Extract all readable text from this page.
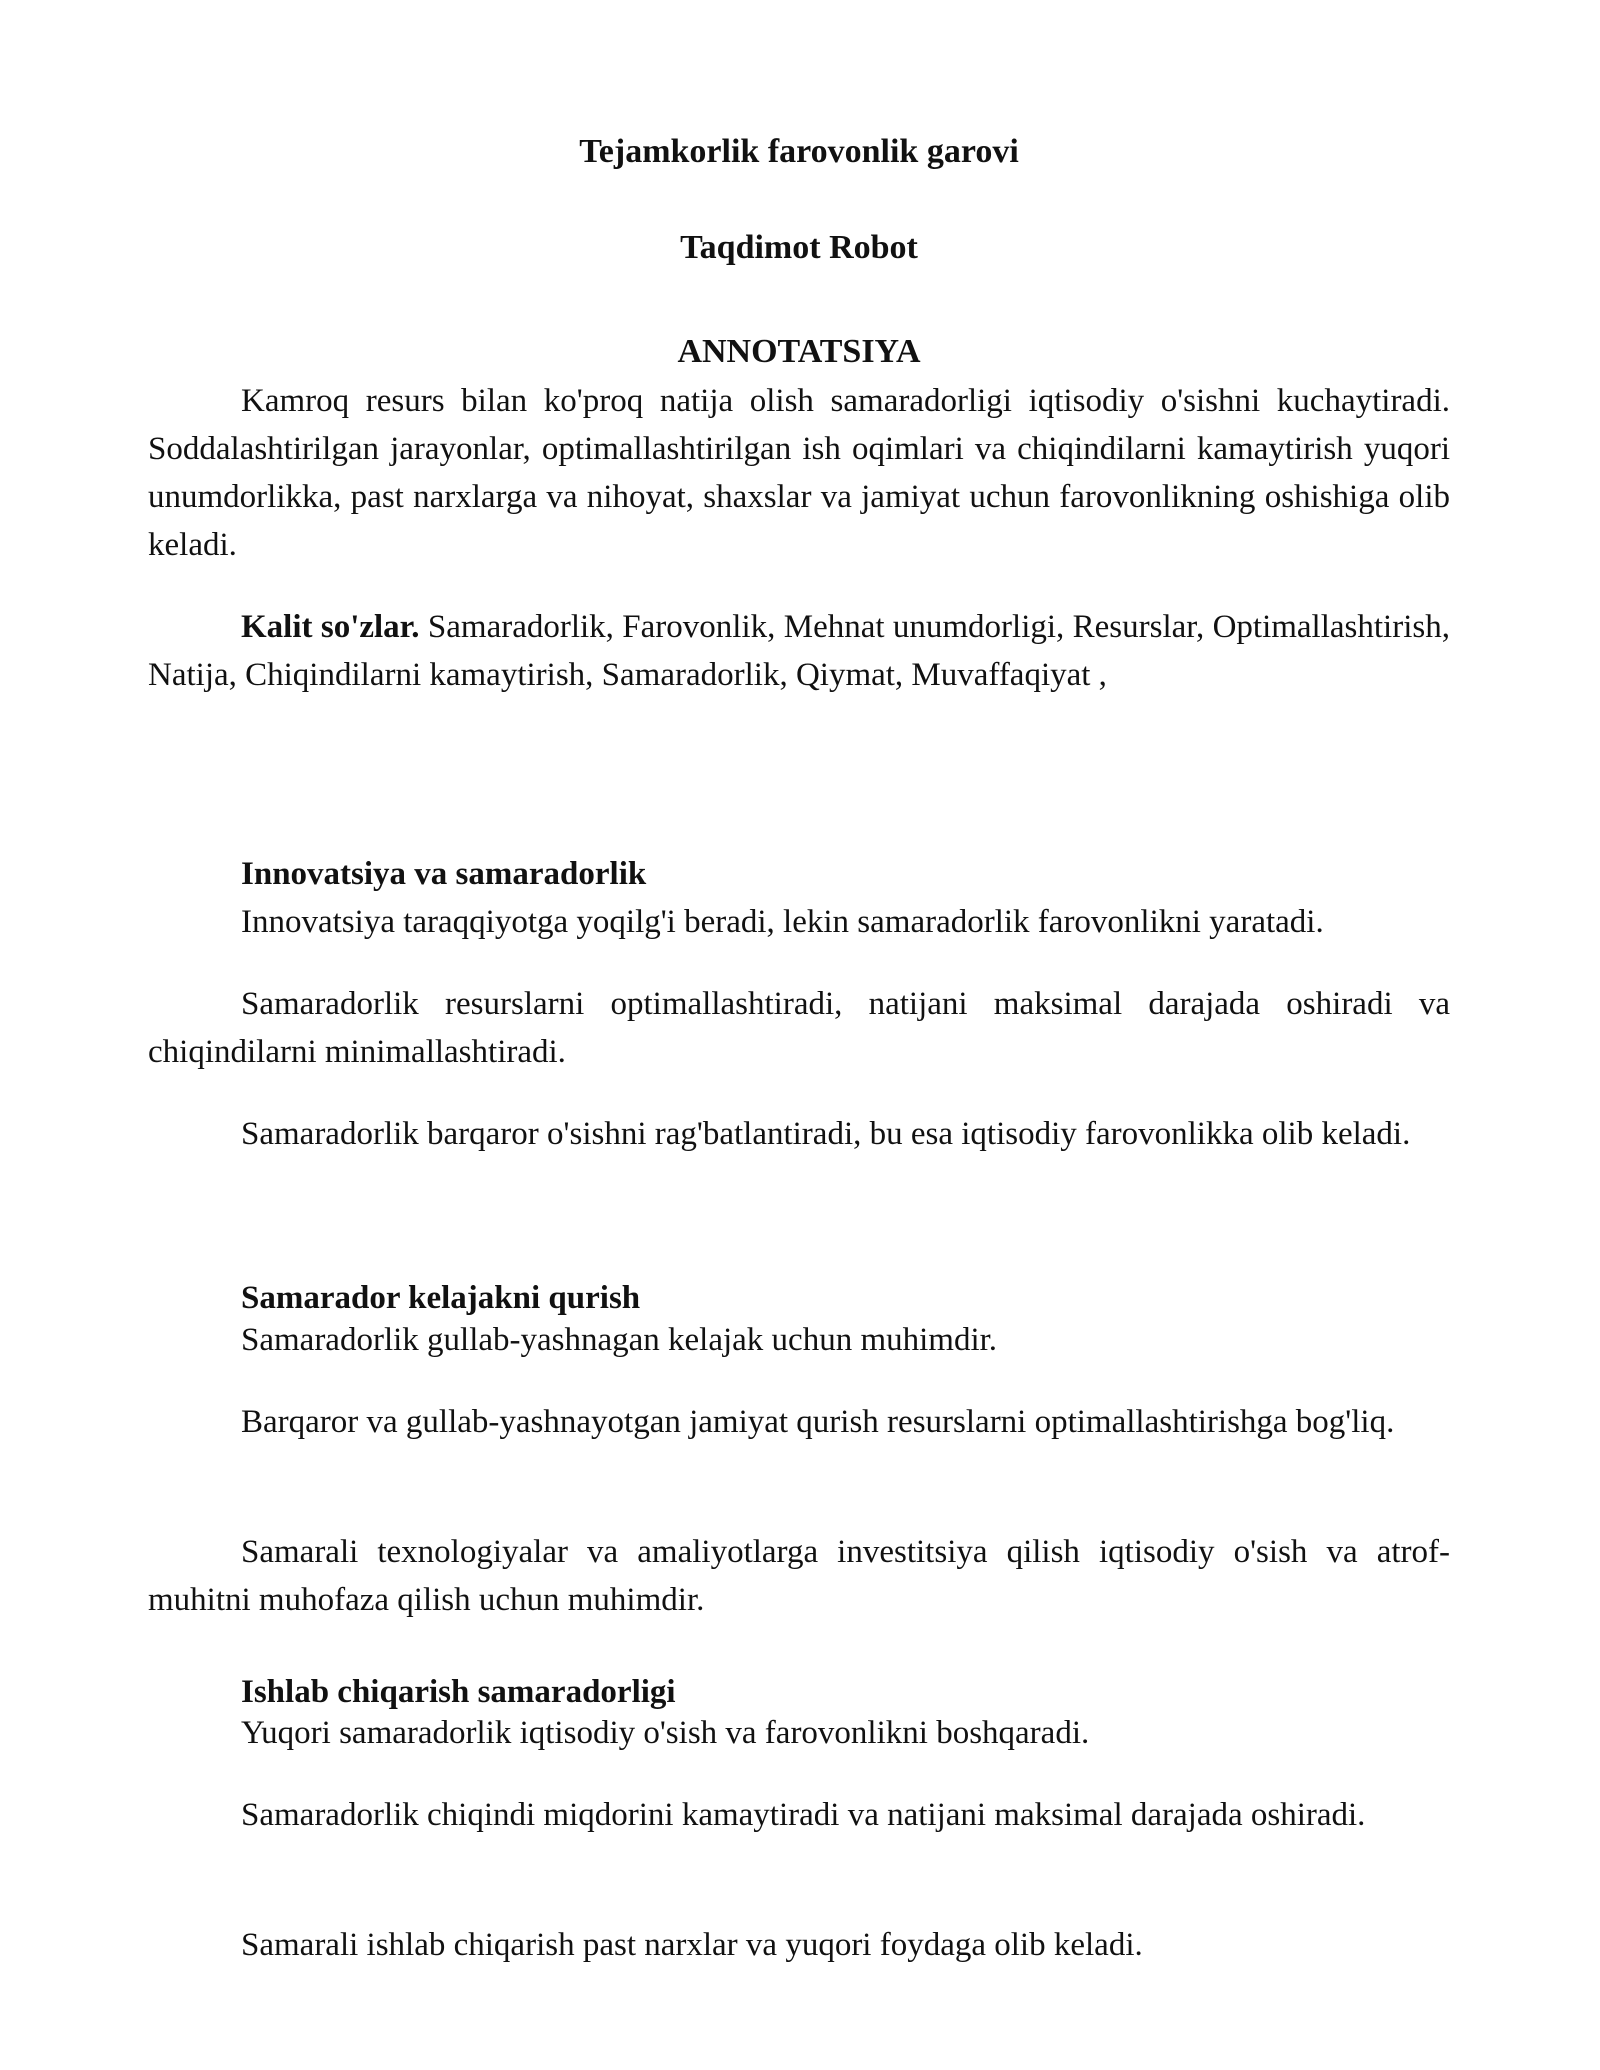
Tejamkorlik farovonlik garovi

Taqdimot Robot

ANNOTATSIYA

Kamroq resurs bilan ko'proq natija olish samaradorligi iqtisodiy o'sishni kuchaytiradi. Soddalashtirilgan jarayonlar, optimallashtirilgan ish oqimlari va chiqindilarni kamaytirish yuqori unumdorlikka, past narxlarga va nihoyat, shaxslar va jamiyat uchun farovonlikning oshishiga olib keladi.

Kalit so'zlar. Samaradorlik, Farovonlik, Mehnat unumdorligi, Resurslar, Optimallashtirish, Natija, Chiqindilarni kamaytirish, Samaradorlik, Qiymat, Muvaffaqiyat ,

Innovatsiya va samaradorlik

Innovatsiya taraqqiyotga yoqilg'i beradi, lekin samaradorlik farovonlikni yaratadi.

Samaradorlik resurslarni optimallashtiradi, natijani maksimal darajada oshiradi va chiqindilarni minimallashtiradi.

Samaradorlik barqaror o'sishni rag'batlantiradi, bu esa iqtisodiy farovonlikka olib keladi.

Samarador kelajakni qurish

Samaradorlik gullab-yashnagan kelajak uchun muhimdir.

Barqaror va gullab-yashnayotgan jamiyat qurish resurslarni optimallashtirishga bog'liq.

Samarali texnologiyalar va amaliyotlarga investitsiya qilish iqtisodiy o'sish va atrof-muhitni muhofaza qilish uchun muhimdir.

Ishlab chiqarish samaradorligi

Yuqori samaradorlik iqtisodiy o'sish va farovonlikni boshqaradi.

Samaradorlik chiqindi miqdorini kamaytiradi va natijani maksimal darajada oshiradi.

Samarali ishlab chiqarish past narxlar va yuqori foydaga olib keladi.
